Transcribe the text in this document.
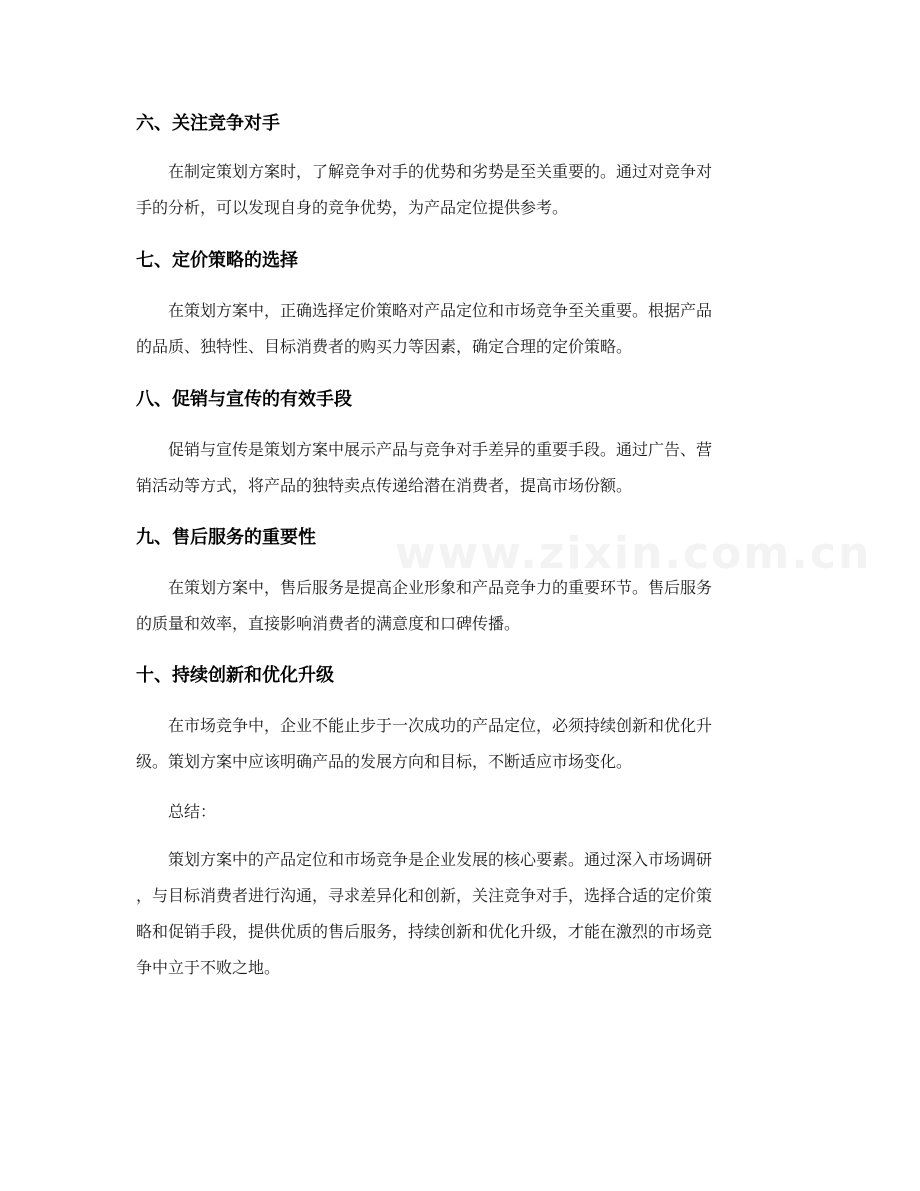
六、关注竞争对手
在制定策划方案时，了解竞争对手的优势和劣势是至关重要的。通过对竞争对
手的分析，可以发现自身的竞争优势，为产品定位提供参考。
七、定价策略的选择
在策划方案中，正确选择定价策略对产品定位和市场竞争至关重要。根据产品
的品质、独特性、目标消费者的购买力等因素，确定合理的定价策略。
八、促销与宣传的有效手段
促销与宣传是策划方案中展示产品与竞争对手差异的重要手段。通过广告、营
销活动等方式，将产品的独特卖点传递给潜在消费者，提高市场份额。
九、售后服务的重要性
在策划方案中，售后服务是提高企业形象和产品竞争力的重要环节。售后服务
的质量和效率，直接影响消费者的满意度和口碑传播。
十、持续创新和优化升级
在市场竞争中，企业不能止步于一次成功的产品定位，必须持续创新和优化升
级。策划方案中应该明确产品的发展方向和目标，不断适应市场变化。
总结：
策划方案中的产品定位和市场竞争是企业发展的核心要素。通过深入市场调研
，与目标消费者进行沟通，寻求差异化和创新，关注竞争对手，选择合适的定价策
略和促销手段，提供优质的售后服务，持续创新和优化升级，才能在激烈的市场竞
争中立于不败之地。
www.zixin.com.cn
